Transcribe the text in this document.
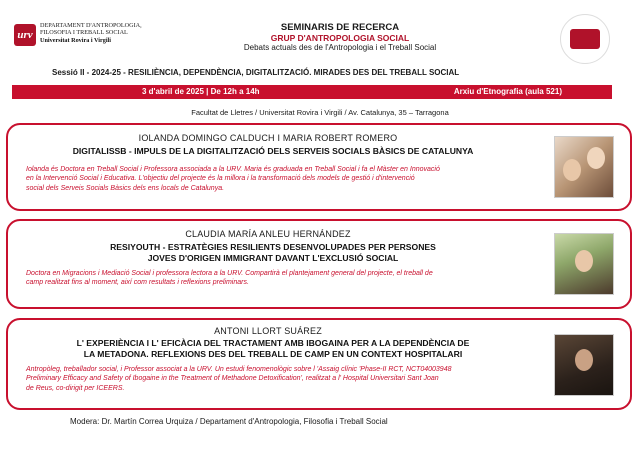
urv
DEPARTAMENT D'ANTROPOLOGIA,
FILOSOFIA I TREBALL SOCIAL
Universitat Rovira i Virgili
SEMINARIS DE RECERCA
GRUP D'ANTROPOLOGIA SOCIAL
Debats actuals des de l'Antropologia i el Treball Social
Sessió II - 2024-25 - RESILIÈNCIA, DEPENDÈNCIA, DIGITALITZACIÓ. MIRADES DES DEL TREBALL SOCIAL
3 d'abril de 2025 | De 12h a 14h	Arxiu d'Etnografia (aula 521)
Facultat de Lletres / Universitat Rovira i Virgili / Av. Catalunya, 35 – Tarragona
IOLANDA DOMINGO CALDUCH I MARIA ROBERT ROMERO
DIGITALISSB - IMPULS DE LA DIGITALITZACIÓ DELS SERVEIS SOCIALS BÀSICS DE CATALUNYA
Iolanda és Doctora en Treball Social i Professora associada a la URV. Maria és graduada en Treball Social i fa el Màster en Innovació
en la Intervenció Social i Educativa. L'objectiu del projecte és la millora i la transformació dels models de gestió i d'intervenció
social dels Serveis Socials Bàsics dels ens locals de Catalunya.
CLAUDIA MARÍA ANLEU HERNÁNDEZ
RESIYOUTH - ESTRATÈGIES RESILIENTS DESENVOLUPADES PER PERSONES
JOVES D'ORIGEN IMMIGRANT DAVANT L'EXCLUSIÓ SOCIAL
Doctora en Migracions i Mediació Social i professora lectora a la URV. Compartirà el plantejament general del projecte, el treball de
camp realitzat fins al moment, així com resultats i reflexions preliminars.
ANTONI LLORT SUÁREZ
L' EXPERIÈNCIA I L' EFICÀCIA DEL TRACTAMENT AMB IBOGAINA PER A LA DEPENDÈNCIA DE
LA METADONA. REFLEXIONS DES DEL TREBALL DE CAMP EN UN CONTEXT HOSPITALARI
Antropòleg, treballador social, i Professor associat a la URV. Un estudi fenomenològic sobre l 'Assaig clínic 'Phase-II RCT, NCT04003948
Preliminary Efficacy and Safety of Ibogaine in the Treatment of Methadone Detoxification', realitzat a l' Hospital Universitari Sant Joan
de Reus, co-dirigit per ICEERS.
Modera: Dr. Martín Correa Urquiza / Departament d'Antropologia, Filosofia i Treball Social
